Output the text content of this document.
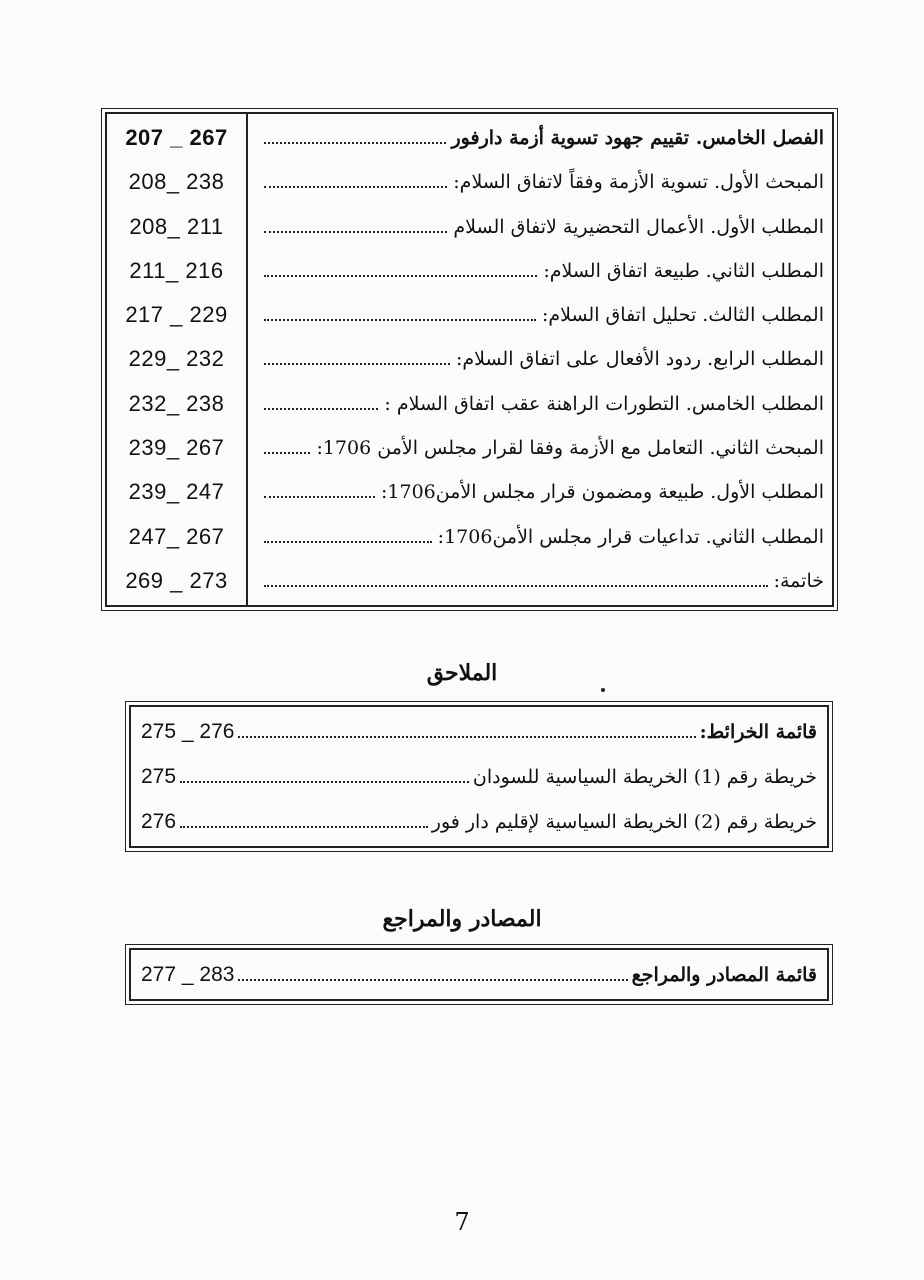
207 _ 267
208_ 238
208_ 211
211_ 216
217 _ 229
229_ 232
232_ 238
239_ 267
239_ 247
247_ 267
269 _ 273
الفصل الخامس. تقييم جهود تسوية أزمة دارفور
المبحث الأول. تسوية الأزمة وفقاً لاتفاق السلام:
المطلب الأول. الأعمال التحضيرية لاتفاق السلام
المطلب الثاني. طبيعة اتفاق السلام:
المطلب الثالث. تحليل اتفاق السلام:
المطلب الرابع. ردود الأفعال على اتفاق السلام:
المطلب الخامس. التطورات الراهنة عقب اتفاق السلام :
المبحث الثاني. التعامل مع الأزمة وفقا لقرار مجلس الأمن 1706:
المطلب الأول. طبيعة ومضمون قرار مجلس الأمن1706:
المطلب الثاني. تداعيات قرار مجلس الأمن1706:
خاتمة:
الملاحق
قائمة الخرائط:
275 _ 276
خريطة رقم (1) الخريطة السياسية للسودان
275
خريطة رقم (2) الخريطة السياسية لإقليم دار فور
276
المصادر والمراجع
قائمة المصادر والمراجع
277 _ 283
7
